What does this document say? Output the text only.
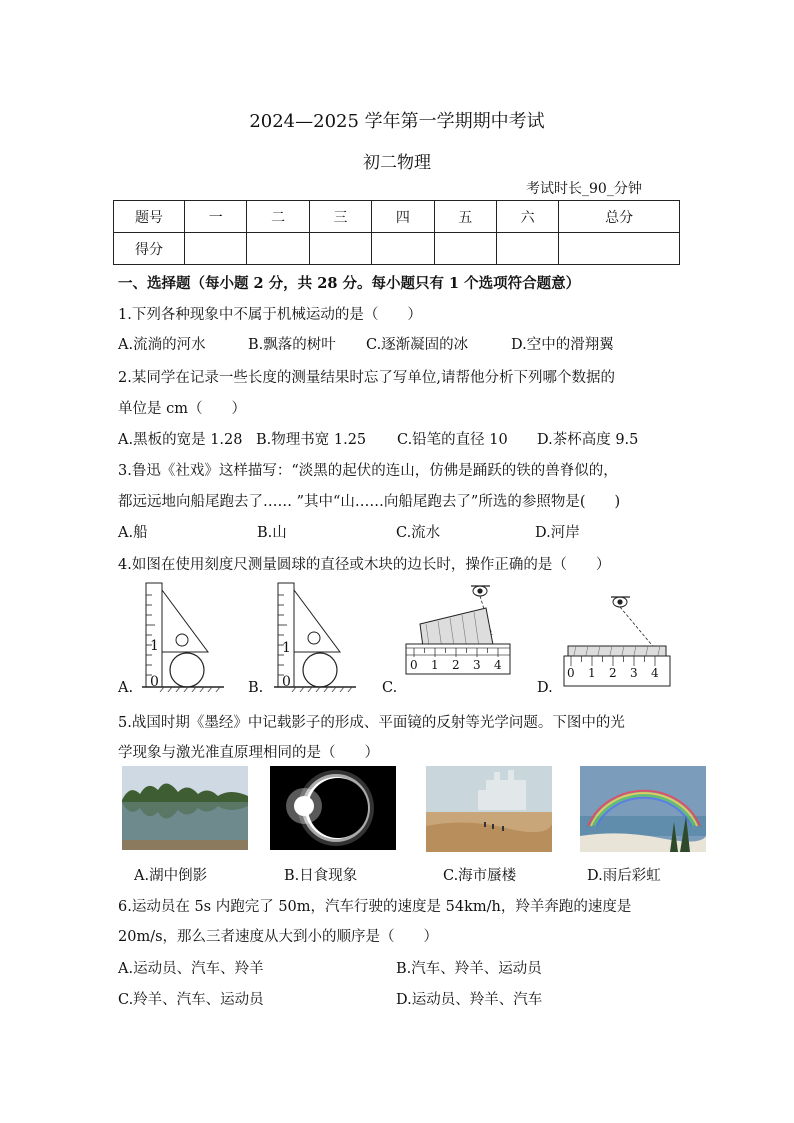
2024—2025 学年第一学期期中考试
初二物理
考试时长_90_分钟
题号	一	二	三	四	五	六	总分
得分							
一、选择题（每小题 2 分，共 28 分。每小题只有 1 个选项符合题意）
1.下列各种现象中不属于机械运动的是（　　）
A.流淌的河水	B.飘落的树叶 C.逐渐凝固的冰	D.空中的滑翔翼
2.某同学在记录一些长度的测量结果时忘了写单位,请帮他分析下列哪个数据的
单位是 cm（　　）
A.黑板的宽是 1.28 B.物理书宽 1.25 C.铅笔的直径 10 D.茶杯高度 9.5
3.鲁迅《社戏》这样描写：“淡黑的起伏的连山，仿佛是踊跃的铁的兽脊似的，
都远远地向船尾跑去了…… ”其中“山……向船尾跑去了”所选的参照物是(　　)
A.船	B.山	C.流水	D.河岸
4.如图在使用刻度尺测量圆球的直径或木块的边长时，操作正确的是（　　）
1
0
A.
1
0
B.
0 1 2 3 4
C.
0 1 2 3 4
D.
5.战国时期《墨经》中记载影子的形成、平面镜的反射等光学问题。下图中的光
学现象与激光准直原理相同的是（　　）
A.湖中倒影	B.日食现象	C.海市蜃楼	D.雨后彩虹
6.运动员在 5s 内跑完了 50m，汽车行驶的速度是 54km/h，羚羊奔跑的速度是
20m/s，那么三者速度从大到小的顺序是（　　）
A.运动员、汽车、羚羊	B.汽车、羚羊、运动员
C.羚羊、汽车、运动员	D.运动员、羚羊、汽车
